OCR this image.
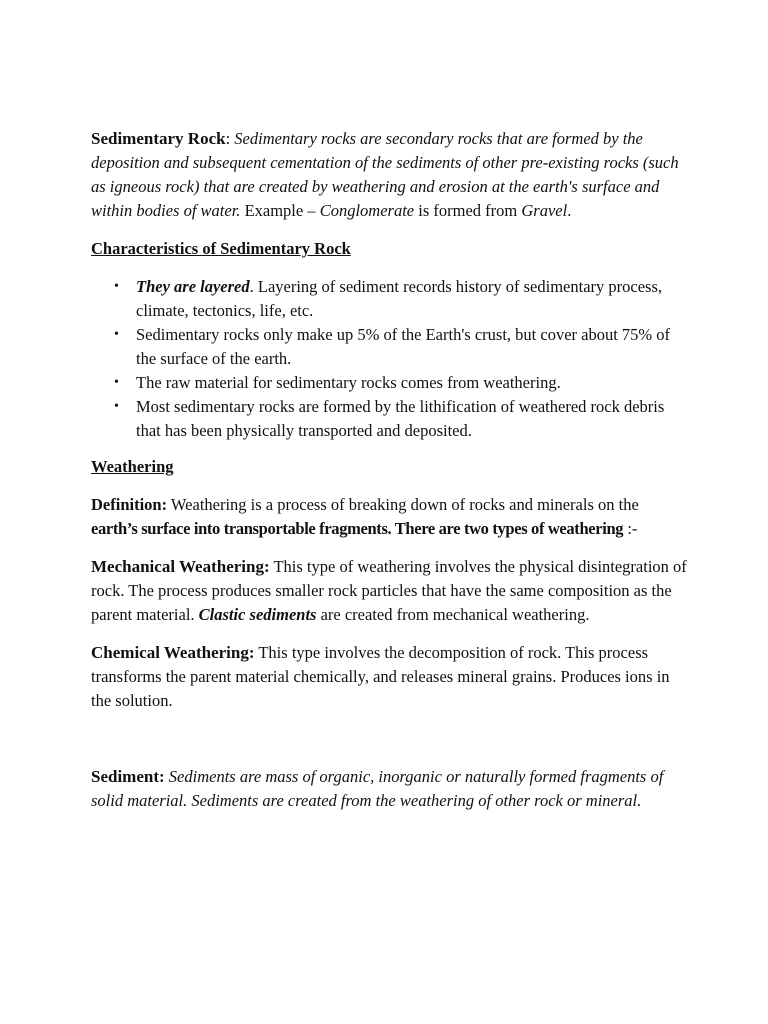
Sedimentary Rock: Sedimentary rocks are secondary rocks that are formed by the deposition and subsequent cementation of the sediments of other pre-existing rocks (such as igneous rock) that are created by weathering and erosion at the earth's surface and within bodies of water. Example – Conglomerate is formed from Gravel.

Characteristics of Sedimentary Rock

• They are layered. Layering of sediment records history of sedimentary process, climate, tectonics, life, etc.
• Sedimentary rocks only make up 5% of the Earth's crust, but cover about 75% of the surface of the earth.
• The raw material for sedimentary rocks comes from weathering.
• Most sedimentary rocks are formed by the lithification of weathered rock debris that has been physically transported and deposited.

Weathering

Definition: Weathering is a process of breaking down of rocks and minerals on the
earth’s surface into transportable fragments. There are two types of weathering :-

Mechanical Weathering: This type of weathering involves the physical disintegration of rock. The process produces smaller rock particles that have the same composition as the parent material. Clastic sediments are created from mechanical weathering.

Chemical Weathering: This type involves the decomposition of rock. This process transforms the parent material chemically, and releases mineral grains. Produces ions in the solution.

Sediment: Sediments are mass of organic, inorganic or naturally formed fragments of solid material. Sediments are created from the weathering of other rock or mineral.
